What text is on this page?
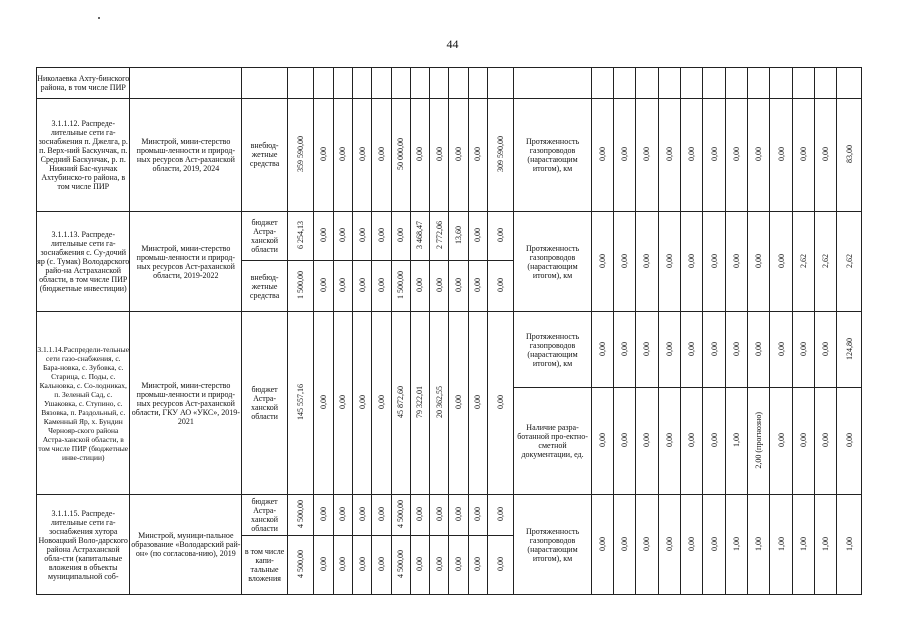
44
Николаевка Ахту-бинского района, в том числе ПИР																										
3.1.1.12. Распреде-лительные сети га-зоснабжения п. Джелга, р. п. Верх-ний Баскунчак, п. Средний Баскунчак, р. п. Нижний Бас-кунчак Ахтубинско-го района, в том числе ПИР	Минстрой, мини-стерство промыш-ленности и природ-ных ресурсов Аст-раханской области, 2019, 2024	внебюд-жетные средства	359 590,00	0,00	0,00	0,00	0,00	50 000,00	0,00	0,00	0,00	0,00	309 590,00	Протяженность газопроводов (нарастающим итогом), км	0,00	0,00	0,00	0,00	0,00	0,00	0,00	0,00	0,00	0,00	0,00	83,00
3.1.1.13. Распреде-лительные сети га-зоснабжения с. Су-дочий яр (с. Тумак) Володарского райо-на Астраханской области, в том числе ПИР (бюджетные инвестиции)	Минстрой, мини-стерство промыш-ленности и природ-ных ресурсов Аст-раханской области, 2019-2022	бюджет Астра-ханской области	6 254,13	0,00	0,00	0,00	0,00	0,00	3 468,47	2 772,06	13,60	0,00	0,00	Протяженность газопроводов (нарастающим итогом), км	0,00	0,00	0,00	0,00	0,00	0,00	0,00	0,00	0,00	2,62	2,62	2,62
		внебюд-жетные средства	1 500,00	0,00	0,00	0,00	0,00	1 500,00	0,00	0,00	0,00	0,00	0,00													
3.1.1.14.Распредели-тельные сети газо-снабжения, с. Бара-новка, с. Зубовка, с. Старица, с. Поды, с. Кальновка, с. Со-лодниках, п. Зеленый Сад, с. Ушаковка, с. Ступино, с. Вязовка, п. Раздольный, с. Каменный Яр, х. Бундин Чернояр-ского района Астра-ханской области, в том числе ПИР (бюджетные инве-стиции)	Минстрой, мини-стерство промыш-ленности и природ-ных ресурсов Аст-раханской области, ГКУ АО «УКС», 2019-2021	бюджет Астра-ханской области	145 557,16	0,00	0,00	0,00	0,00	45 872,60	79 322,01	20 362,55	0,00	0,00	0,00	Протяженность газопроводов (нарастающим итогом), км	0,00	0,00	0,00	0,00	0,00	0,00	0,00	0,00	0,00	0,00	0,00	124,80
														Наличие разра-ботанной про-ектно-сметной документации, ед.	0,00	0,00	0,00	0,00	0,00	0,00	1,00	2,00 (прогнозно)	0,00	0,00	0,00	0,00
3.1.1.15. Распреде-лительные сети га-зоснабжения хутора Новоацкий Воло-дарского района Астраханской обла-сти (капитальные вложения в объекты муниципальной соб-	Минстрой, муници-пальное образование «Володарский рай-он» (по согласова-нию), 2019	бюджет Астра-ханской области	4 500,00	0,00	0,00	0,00	0,00	4 500,00	0,00	0,00	0,00	0,00	0,00	Протяженность газопроводов (нарастающим итогом), км	0,00	0,00	0,00	0,00	0,00	0,00	1,00	1,00	1,00	1,00	1,00	1,00
		в том числе капи-тальные вложения	4 500,00	0,00	0,00	0,00	0,00	4 500,00	0,00	0,00	0,00	0,00	0,00													
